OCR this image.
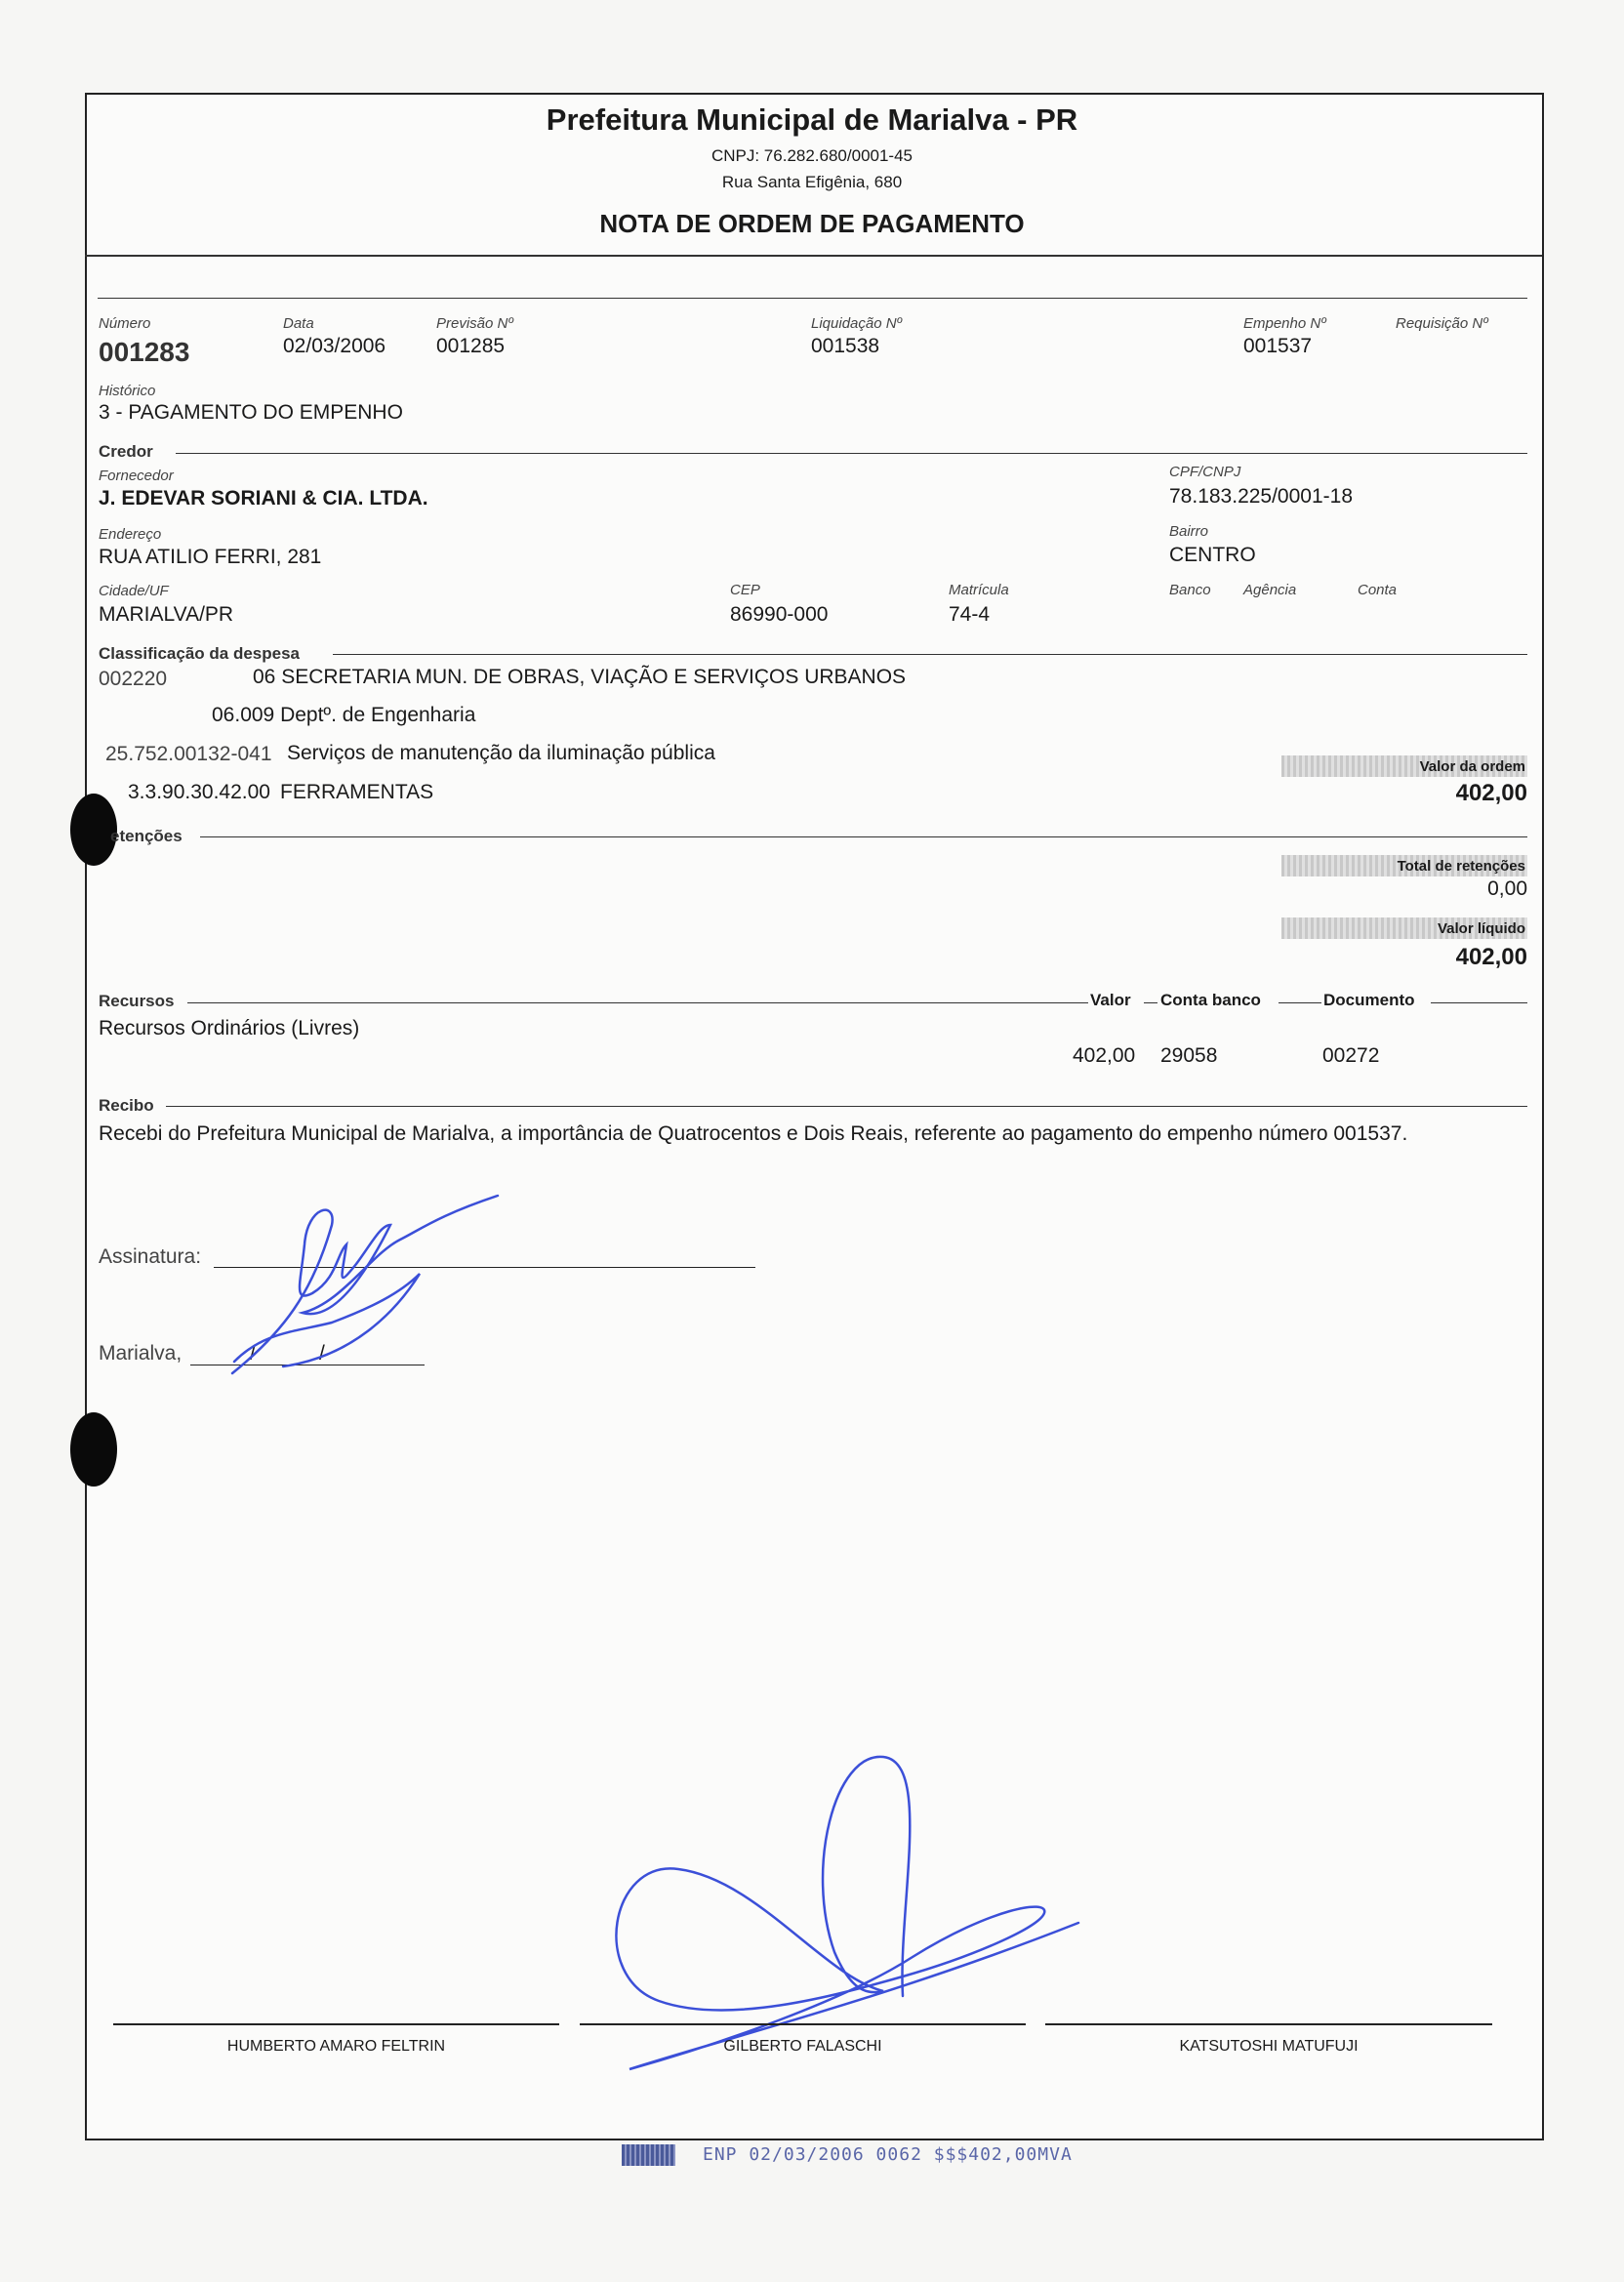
Prefeitura Municipal de Marialva - PR
CNPJ: 76.282.680/0001-45
Rua Santa Efigênia, 680
NOTA DE ORDEM DE PAGAMENTO
Número
001283
Data
02/03/2006
Previsão Nº
001285
Liquidação Nº
001538
Empenho Nº
001537
Requisição Nº
Histórico
3 - PAGAMENTO DO EMPENHO
Credor
Fornecedor
J. EDEVAR SORIANI & CIA. LTDA.
CPF/CNPJ
78.183.225/0001-18
Endereço
RUA ATILIO FERRI, 281
Bairro
CENTRO
Cidade/UF
MARIALVA/PR
CEP
86990-000
Matrícula
74-4
Banco Agência	Conta
Classificação da despesa
002220	06 SECRETARIA MUN. DE OBRAS, VIAÇÃO E SERVIÇOS URBANOS
06.009 Deptº. de Engenharia
25.752.00132-041 Serviços de manutenção da iluminação pública
3.3.90.30.42.00 FERRAMENTAS
Valor da ordem
402,00
etenções
Total de retenções
0,00
Valor líquido
402,00
Recursos	Valor Conta banco	Documento
Recursos Ordinários (Livres)
402,00 29058	00272
Recibo
Recebi do Prefeitura Municipal de Marialva, a importância de Quatrocentos e Dois Reais, referente ao pagamento do empenho número 001537.
Assinatura:
Marialva,	/	/
HUMBERTO AMARO FELTRIN	GILBERTO FALASCHI	KATSUTOSHI MATUFUJI
ENP 02/03/2006 0062 $$$402,00MVA
